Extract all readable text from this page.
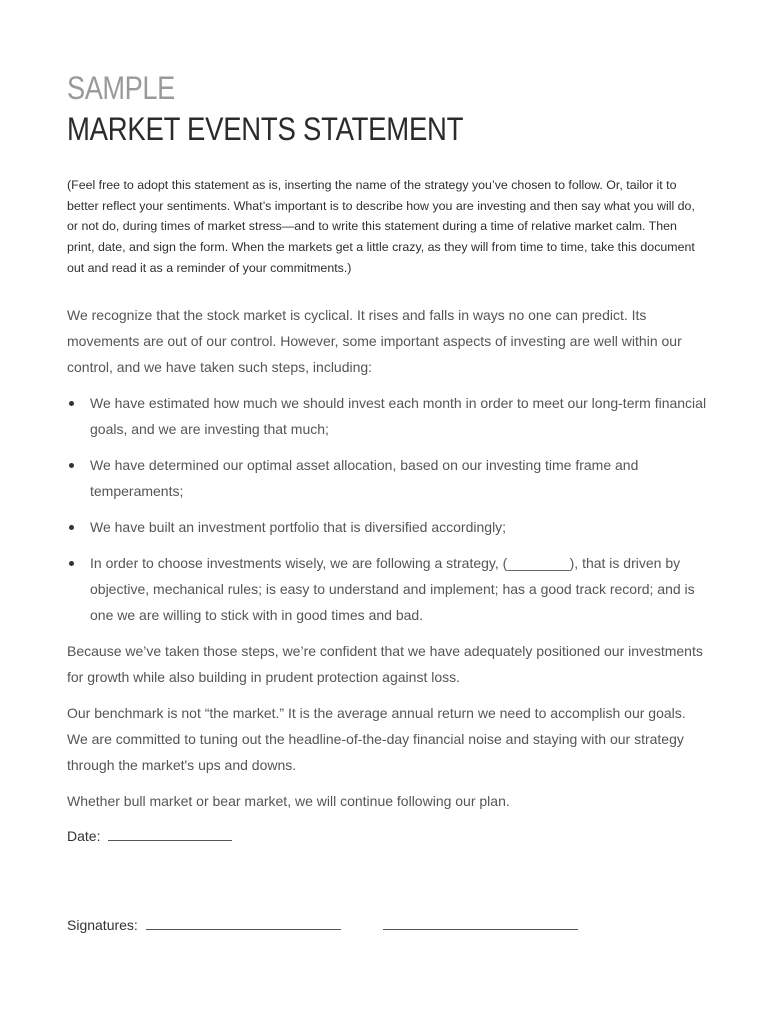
SAMPLE
MARKET EVENTS STATEMENT

(Feel free to adopt this statement as is, inserting the name of the strategy you’ve chosen to follow. Or, tailor it to better reflect your sentiments. What’s important is to describe how you are investing and then say what you will do, or not do, during times of market stress—and to write this statement during a time of relative market calm. Then print, date, and sign the form. When the markets get a little crazy, as they will from time to time, take this document out and read it as a reminder of your commitments.)

We recognize that the stock market is cyclical. It rises and falls in ways no one can predict. Its movements are out of our control. However, some important aspects of investing are well within our control, and we have taken such steps, including:

We have estimated how much we should invest each month in order to meet our long-term financial goals, and we are investing that much;
We have determined our optimal asset allocation, based on our investing time frame and temperaments;
We have built an investment portfolio that is diversified accordingly;
In order to choose investments wisely, we are following a strategy, (________), that is driven by objective, mechanical rules; is easy to understand and implement; has a good track record; and is one we are willing to stick with in good times and bad.

Because we’ve taken those steps, we’re confident that we have adequately positioned our investments for growth while also building in prudent protection against loss.

Our benchmark is not “the market.” It is the average annual return we need to accomplish our goals. We are committed to tuning out the headline-of-the-day financial noise and staying with our strategy through the market's ups and downs.

Whether bull market or bear market, we will continue following our plan.

Date:
Signatures:
